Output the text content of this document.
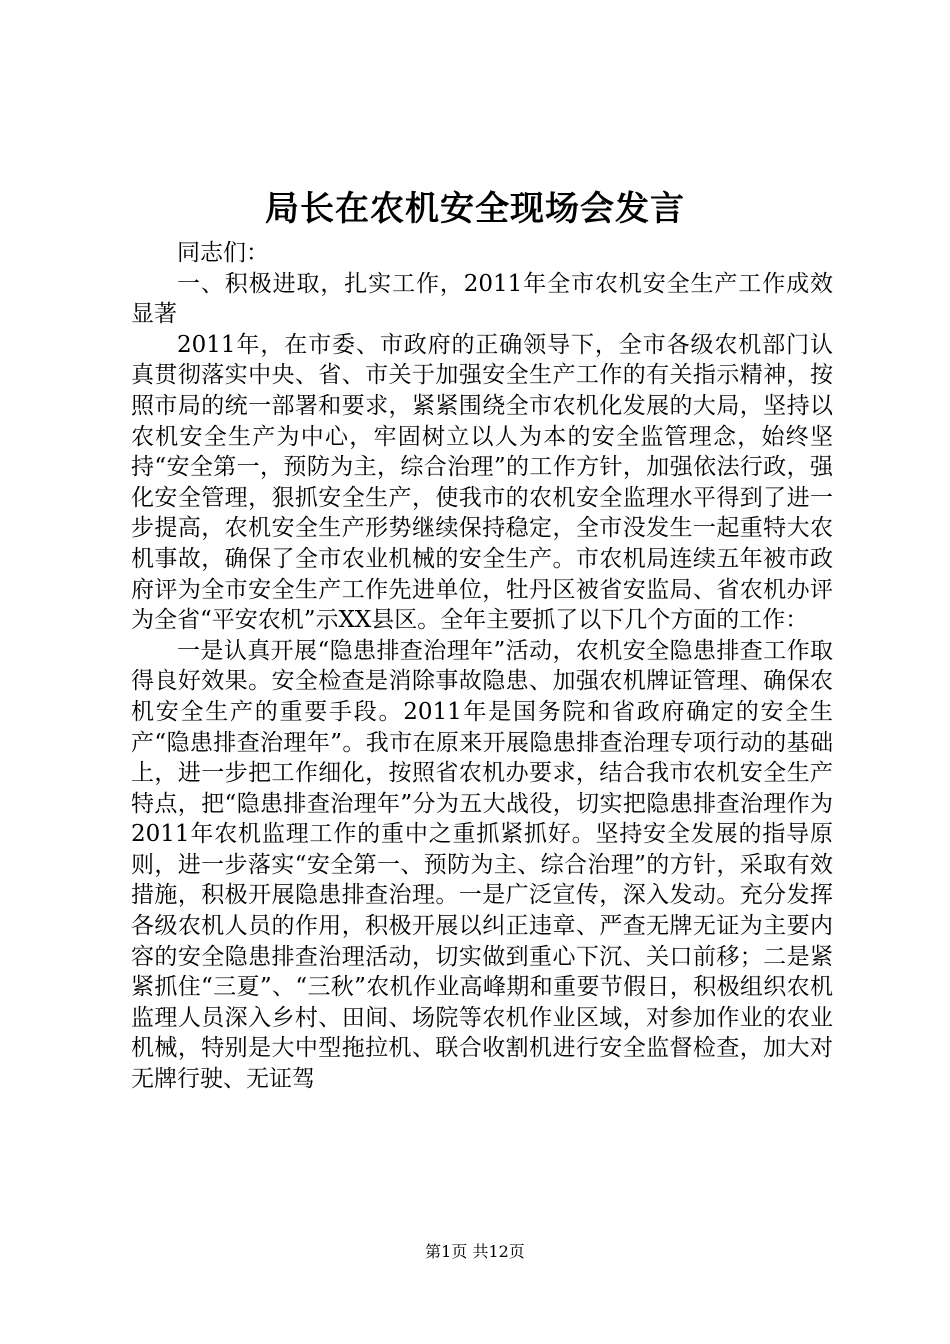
局长在农机安全现场会发言

同志们：

一、积极进取，扎实工作，2011年全市农机安全生产工作成效显著

2011年，在市委、市政府的正确领导下，全市各级农机部门认真贯彻落实中央、省、市关于加强安全生产工作的有关指示精神，按照市局的统一部署和要求，紧紧围绕全市农机化发展的大局，坚持以农机安全生产为中心，牢固树立以人为本的安全监管理念，始终坚持“安全第一，预防为主，综合治理”的工作方针，加强依法行政，强化安全管理，狠抓安全生产，使我市的农机安全监理水平得到了进一步提高，农机安全生产形势继续保持稳定，全市没发生一起重特大农机事故，确保了全市农业机械的安全生产。市农机局连续五年被市政府评为全市安全生产工作先进单位，牡丹区被省安监局、省农机办评为全省“平安农机”示XX县区。全年主要抓了以下几个方面的工作：

一是认真开展“隐患排查治理年”活动，农机安全隐患排查工作取得良好效果。安全检查是消除事故隐患、加强农机牌证管理、确保农机安全生产的重要手段。2011年是国务院和省政府确定的安全生产“隐患排查治理年”。我市在原来开展隐患排查治理专项行动的基础上，进一步把工作细化，按照省农机办要求，结合我市农机安全生产特点，把“隐患排查治理年”分为五大战役，切实把隐患排查治理作为2011年农机监理工作的重中之重抓紧抓好。坚持安全发展的指导原则，进一步落实“安全第一、预防为主、综合治理”的方针，采取有效措施，积极开展隐患排查治理。一是广泛宣传，深入发动。充分发挥各级农机人员的作用，积极开展以纠正违章、严查无牌无证为主要内容的安全隐患排查治理活动，切实做到重心下沉、关口前移；二是紧紧抓住“三夏”、“三秋”农机作业高峰期和重要节假日，积极组织农机监理人员深入乡村、田间、场院等农机作业区域，对参加作业的农业机械，特别是大中型拖拉机、联合收割机进行安全监督检查，加大对无牌行驶、无证驾

第1页 共12页
